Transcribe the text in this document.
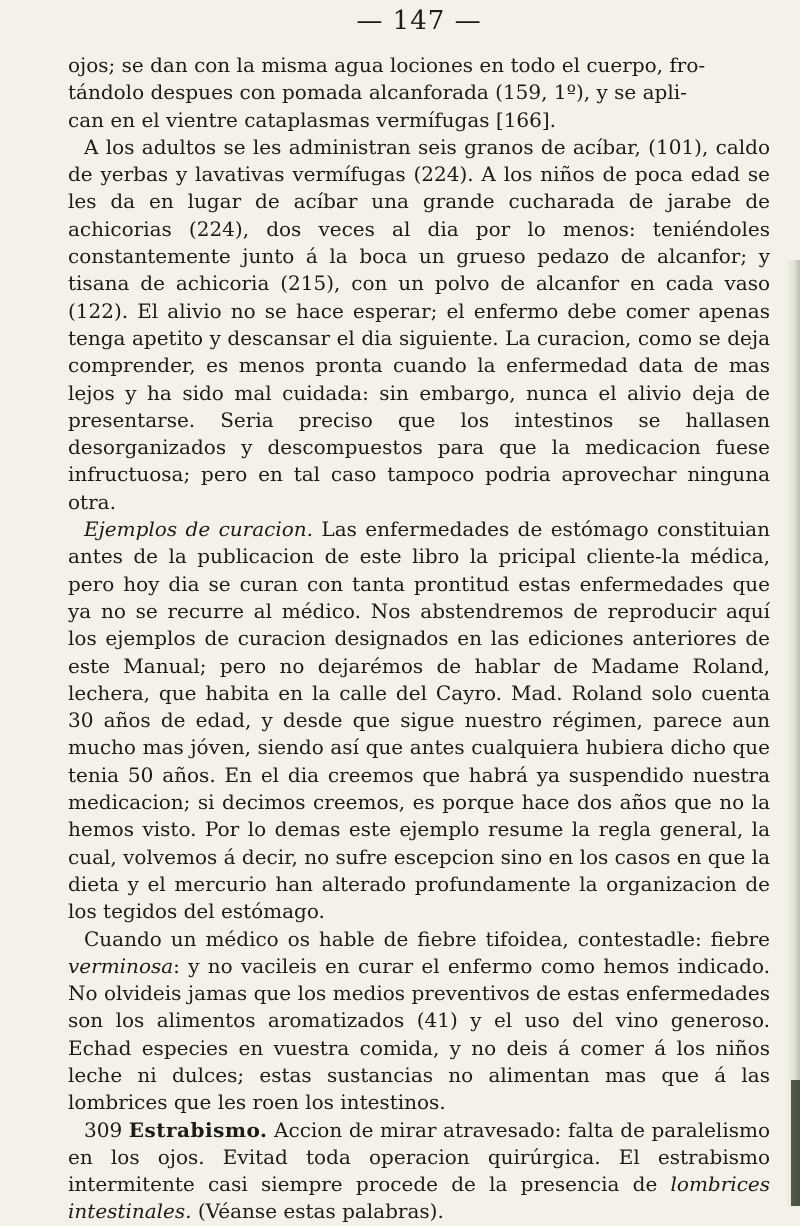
— 147 —

ojos; se dan con la misma agua lociones en todo el cuerpo, fro-
tándolo despues con pomada alcanforada (159, 1º), y se apli-
can en el vientre cataplasmas vermífugas [166].

A los adultos se les administran seis granos de acíbar, (101), caldo de yerbas y lavativas vermífugas (224). A los niños de poca edad se les da en lugar de acíbar una grande cucharada de jarabe de achicorias (224), dos veces al dia por lo menos: teniéndoles constantemente junto á la boca un grueso pedazo de alcanfor; y tisana de achicoria (215), con un polvo de alcanfor en cada vaso (122). El alivio no se hace esperar; el enfermo debe comer apenas tenga apetito y descansar el dia siguiente. La curacion, como se deja comprender, es menos pronta cuando la enfermedad data de mas lejos y ha sido mal cuidada: sin embargo, nunca el alivio deja de presentarse. Seria preciso que los intestinos se hallasen desorganizados y descompuestos para que la medicacion fuese infructuosa; pero en tal caso tampoco podria aprovechar ninguna otra.

Ejemplos de curacion. Las enfermedades de estómago constituian antes de la publicacion de este libro la pricipal cliente-la médica, pero hoy dia se curan con tanta prontitud estas enfermedades que ya no se recurre al médico. Nos abstendremos de reproducir aquí los ejemplos de curacion designados en las ediciones anteriores de este Manual; pero no dejarémos de hablar de Madame Roland, lechera, que habita en la calle del Cayro. Mad. Roland solo cuenta 30 años de edad, y desde que sigue nuestro régimen, parece aun mucho mas jóven, siendo así que antes cualquiera hubiera dicho que tenia 50 años. En el dia creemos que habrá ya suspendido nuestra medicacion; si decimos creemos, es porque hace dos años que no la hemos visto. Por lo demas este ejemplo resume la regla general, la cual, volvemos á decir, no sufre escepcion sino en los casos en que la dieta y el mercurio han alterado profundamente la organizacion de los tegidos del estómago.

Cuando un médico os hable de fiebre tifoidea, contestadle: fiebre verminosa: y no vacileis en curar el enfermo como hemos indicado. No olvideis jamas que los medios preventivos de estas enfermedades son los alimentos aromatizados (41) y el uso del vino generoso. Echad especies en vuestra comida, y no deis á comer á los niños leche ni dulces; estas sustancias no alimentan mas que á las lombrices que les roen los intestinos.

309 Estrabismo. Accion de mirar atravesado: falta de paralelismo en los ojos. Evitad toda operacion quirúrgica. El estrabismo intermitente casi siempre procede de la presencia de lombrices intestinales. (Véanse estas palabras).
